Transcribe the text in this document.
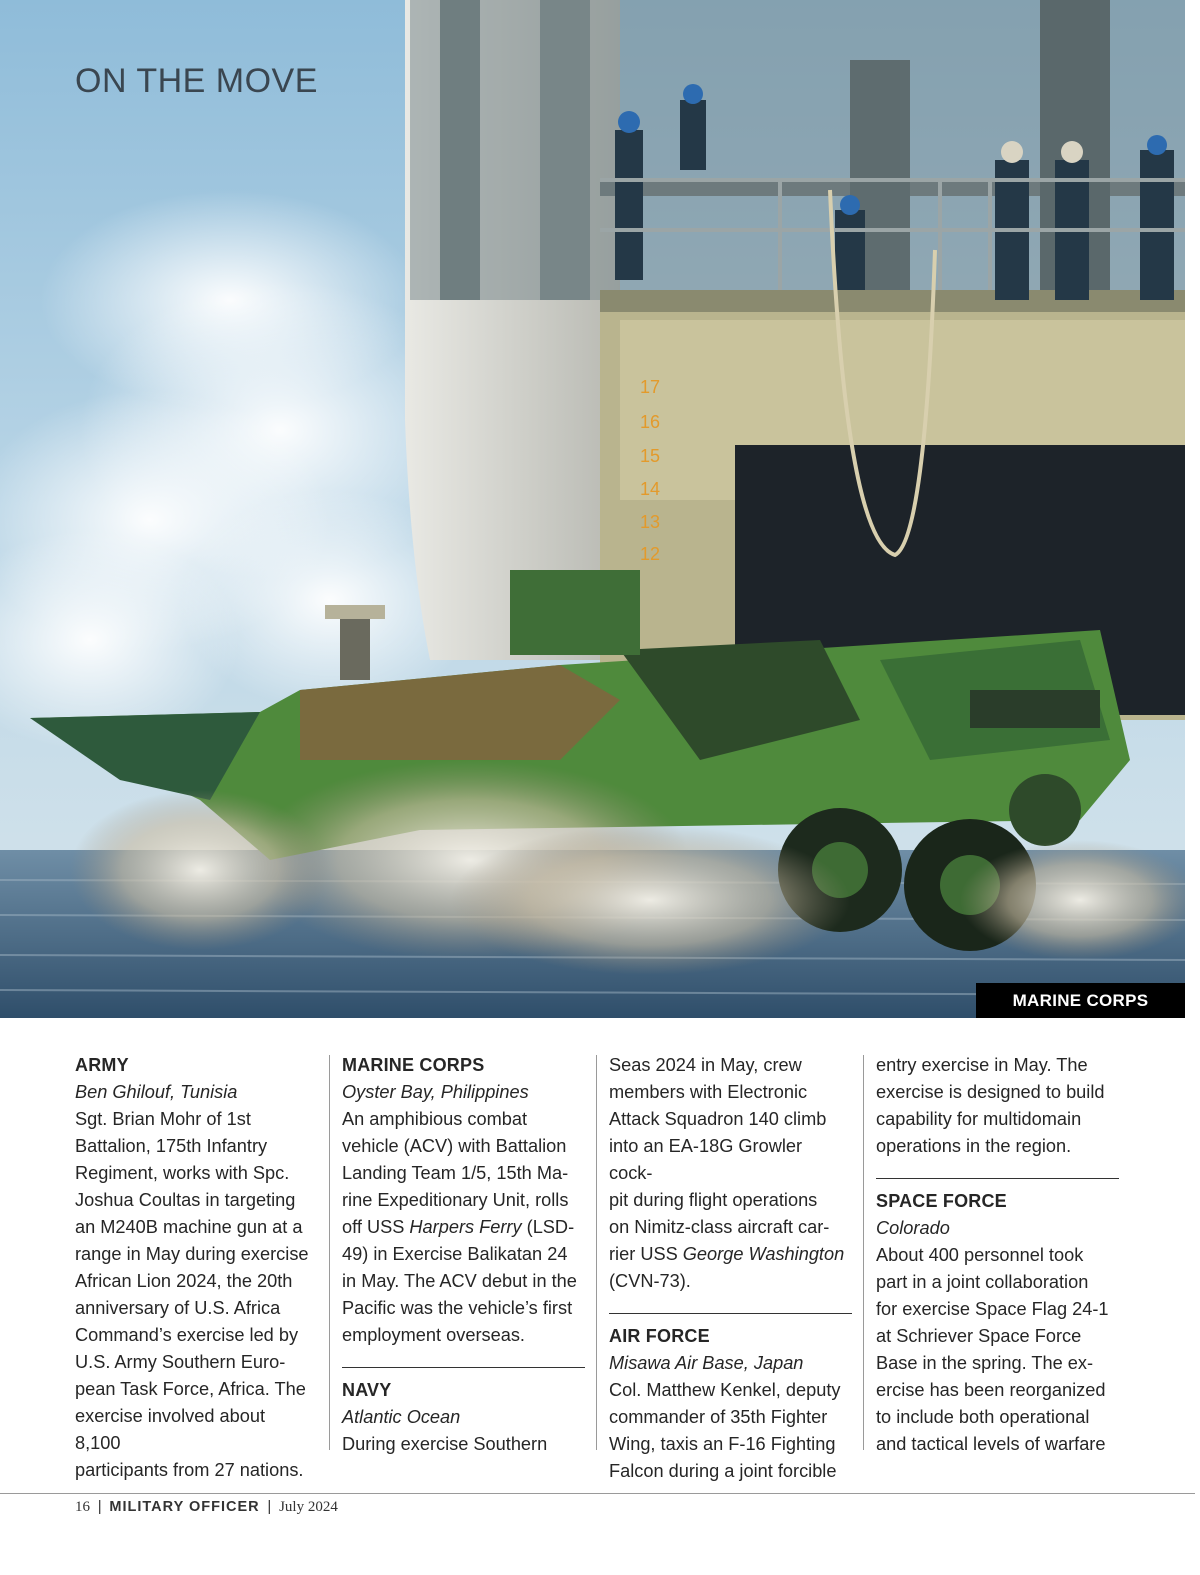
17
16
15
14
13
12
ON THE MOVE
MARINE CORPS
ARMY
Ben Ghilouf, Tunisia
Sgt. Brian Mohr of 1st
Battalion, 175th Infantry
Regiment, works with Spc.
Joshua Coultas in targeting
an M240B machine gun at a
range in May during exercise
African Lion 2024, the 20th
anniversary of U.S. Africa
Command’s exercise led by
U.S. Army Southern Euro-
pean Task Force, Africa. The
exercise involved about 8,100
participants from 27 nations.
MARINE CORPS
Oyster Bay, Philippines
An amphibious combat
vehicle (ACV) with Battalion
Landing Team 1/5, 15th Ma-
rine Expeditionary Unit, rolls
off USS Harpers Ferry (LSD-
49) in Exercise Balikatan 24
in May. The ACV debut in the
Pacific was the vehicle’s first
employment overseas.
NAVY
Atlantic Ocean
During exercise Southern
Seas 2024 in May, crew
members with Electronic
Attack Squadron 140 climb
into an EA-18G Growler cock-
pit during flight operations
on Nimitz-class aircraft car-
rier USS George Washington
(CVN-73).
AIR FORCE
Misawa Air Base, Japan
Col. Matthew Kenkel, deputy
commander of 35th Fighter
Wing, taxis an F-16 Fighting
Falcon during a joint forcible
entry exercise in May. The
exercise is designed to build
capability for multidomain
operations in the region.
SPACE FORCE
Colorado
About 400 personnel took
part in a joint collaboration
for exercise Space Flag 24-1
at Schriever Space Force
Base in the spring. The ex-
ercise has been reorganized
to include both operational
and tactical levels of warfare
16 | MILITARY OFFICER | July 2024
